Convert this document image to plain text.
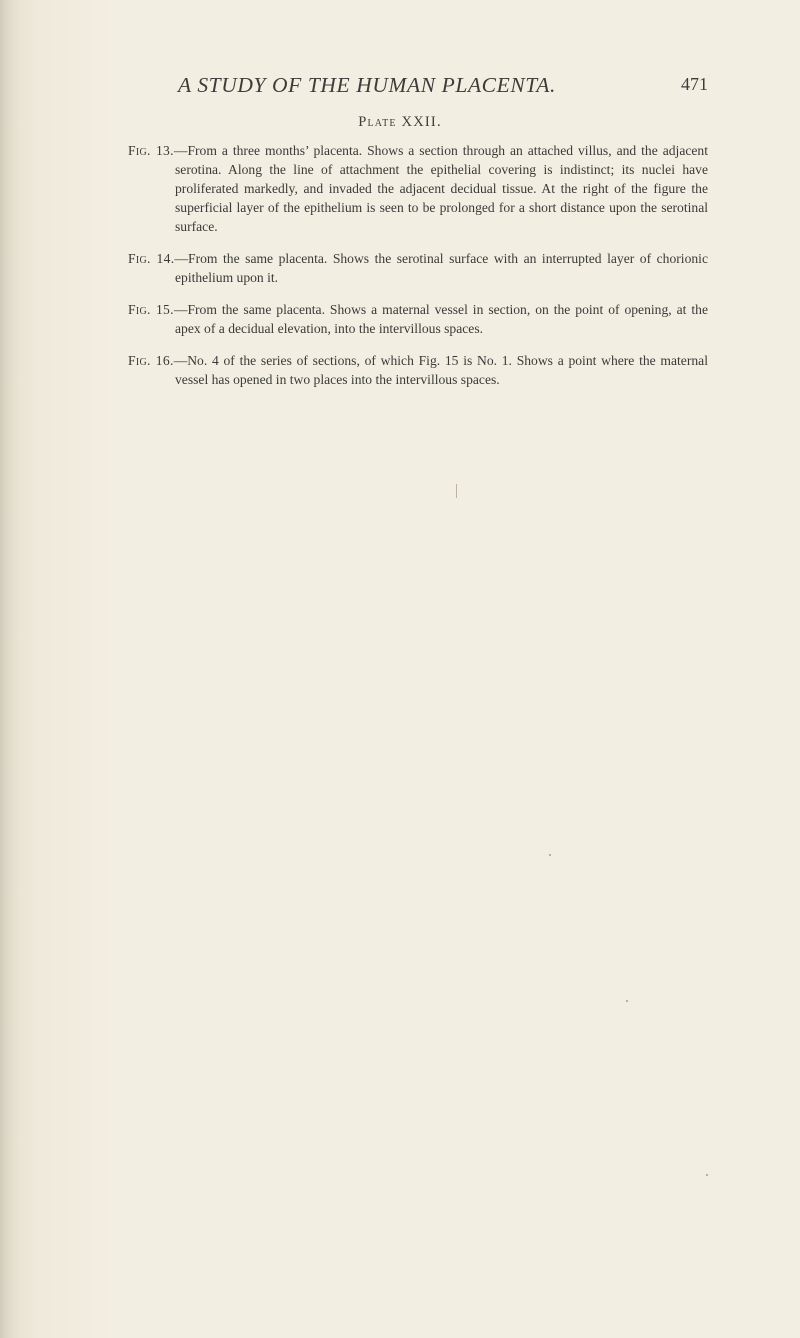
A STUDY OF THE HUMAN PLACENTA.	471
Plate XXII.

Fig. 13.—From a three months’ placenta. Shows a section through an attached villus, and the adjacent serotina. Along the line of attachment the epithelial covering is indistinct; its nuclei have proliferated markedly, and invaded the adjacent decidual tissue. At the right of the figure the superficial layer of the epithelium is seen to be prolonged for a short distance upon the serotinal surface.

Fig. 14.—From the same placenta. Shows the serotinal surface with an interrupted layer of chorionic epithelium upon it.

Fig. 15.—From the same placenta. Shows a maternal vessel in section, on the point of opening, at the apex of a decidual elevation, into the intervillous spaces.

Fig. 16.—No. 4 of the series of sections, of which Fig. 15 is No. 1. Shows a point where the maternal vessel has opened in two places into the intervillous spaces.
